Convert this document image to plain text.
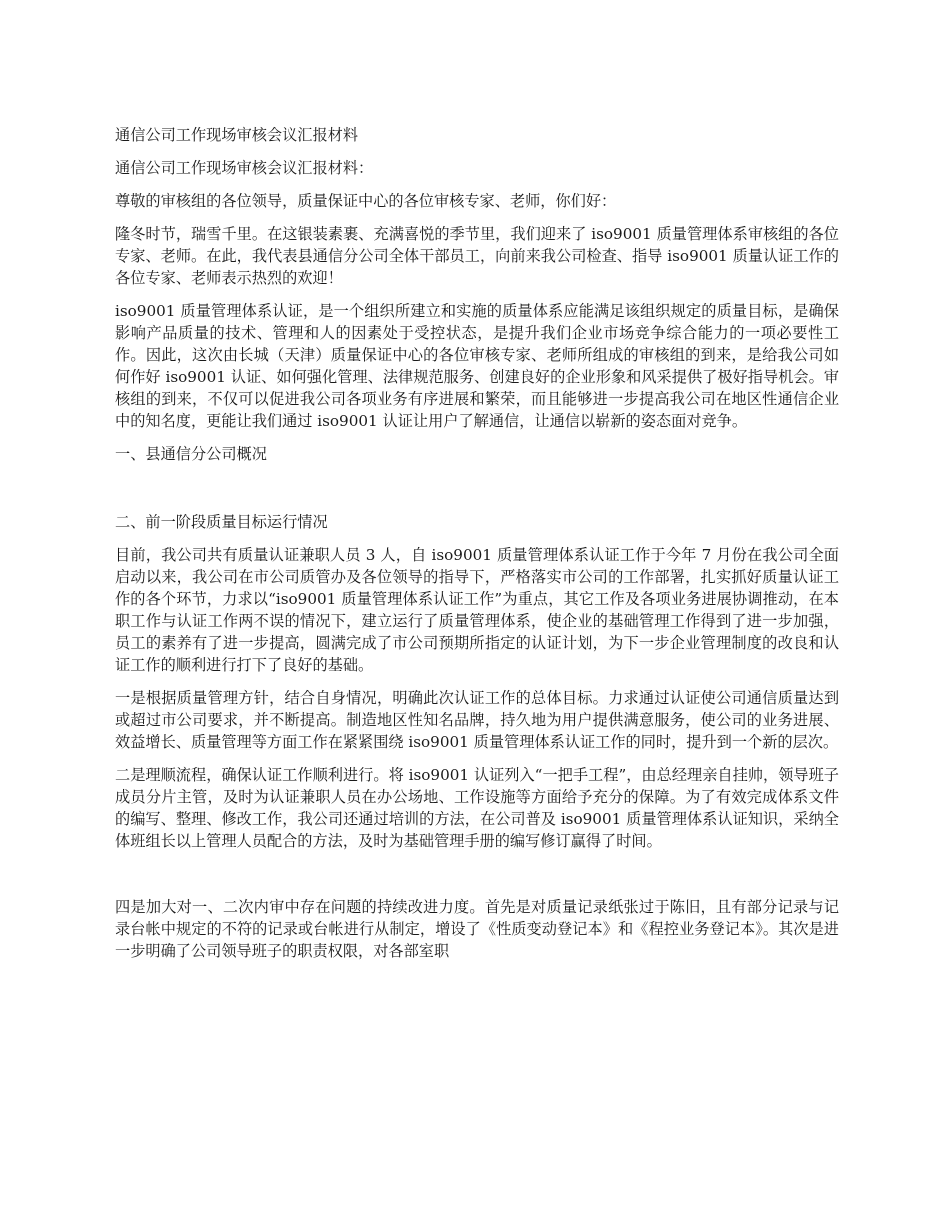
通信公司工作现场审核会议汇报材料

通信公司工作现场审核会议汇报材料：

尊敬的审核组的各位领导，质量保证中心的各位审核专家、老师，你们好：

隆冬时节，瑞雪千里。在这银装素裹、充满喜悦的季节里，我们迎来了 iso9001 质量管理体系审核组的各位专家、老师。在此，我代表县通信分公司全体干部员工，向前来我公司检查、指导 iso9001 质量认证工作的各位专家、老师表示热烈的欢迎！

iso9001 质量管理体系认证，是一个组织所建立和实施的质量体系应能满足该组织规定的质量目标，是确保影响产品质量的技术、管理和人的因素处于受控状态，是提升我们企业市场竞争综合能力的一项必要性工作。因此，这次由长城（天津）质量保证中心的各位审核专家、老师所组成的审核组的到来，是给我公司如何作好 iso9001 认证、如何强化管理、法律规范服务、创建良好的企业形象和风采提供了极好指导机会。审核组的到来，不仅可以促进我公司各项业务有序进展和繁荣，而且能够进一步提高我公司在地区性通信企业中的知名度，更能让我们通过 iso9001 认证让用户了解通信，让通信以崭新的姿态面对竞争。

一、县通信分公司概况

二、前一阶段质量目标运行情况

目前，我公司共有质量认证兼职人员 3 人，自 iso9001 质量管理体系认证工作于今年 7 月份在我公司全面启动以来，我公司在市公司质管办及各位领导的指导下，严格落实市公司的工作部署，扎实抓好质量认证工作的各个环节，力求以“iso9001 质量管理体系认证工作”为重点，其它工作及各项业务进展协调推动，在本职工作与认证工作两不误的情况下，建立运行了质量管理体系，使企业的基础管理工作得到了进一步加强，员工的素养有了进一步提高，圆满完成了市公司预期所指定的认证计划，为下一步企业管理制度的改良和认证工作的顺利进行打下了良好的基础。

一是根据质量管理方针，结合自身情况，明确此次认证工作的总体目标。力求通过认证使公司通信质量达到或超过市公司要求，并不断提高。制造地区性知名品牌，持久地为用户提供满意服务，使公司的业务进展、效益增长、质量管理等方面工作在紧紧围绕 iso9001 质量管理体系认证工作的同时，提升到一个新的层次。

二是理顺流程，确保认证工作顺利进行。将 iso9001 认证列入“一把手工程”，由总经理亲自挂帅，领导班子成员分片主管，及时为认证兼职人员在办公场地、工作设施等方面给予充分的保障。为了有效完成体系文件的编写、整理、修改工作，我公司还通过培训的方法，在公司普及 iso9001 质量管理体系认证知识，采纳全体班组长以上管理人员配合的方法，及时为基础管理手册的编写修订赢得了时间。

四是加大对一、二次内审中存在问题的持续改进力度。首先是对质量记录纸张过于陈旧，且有部分记录与记录台帐中规定的不符的记录或台帐进行从制定，增设了《性质变动登记本》和《程控业务登记本》。其次是进一步明确了公司领导班子的职责权限，对各部室职
